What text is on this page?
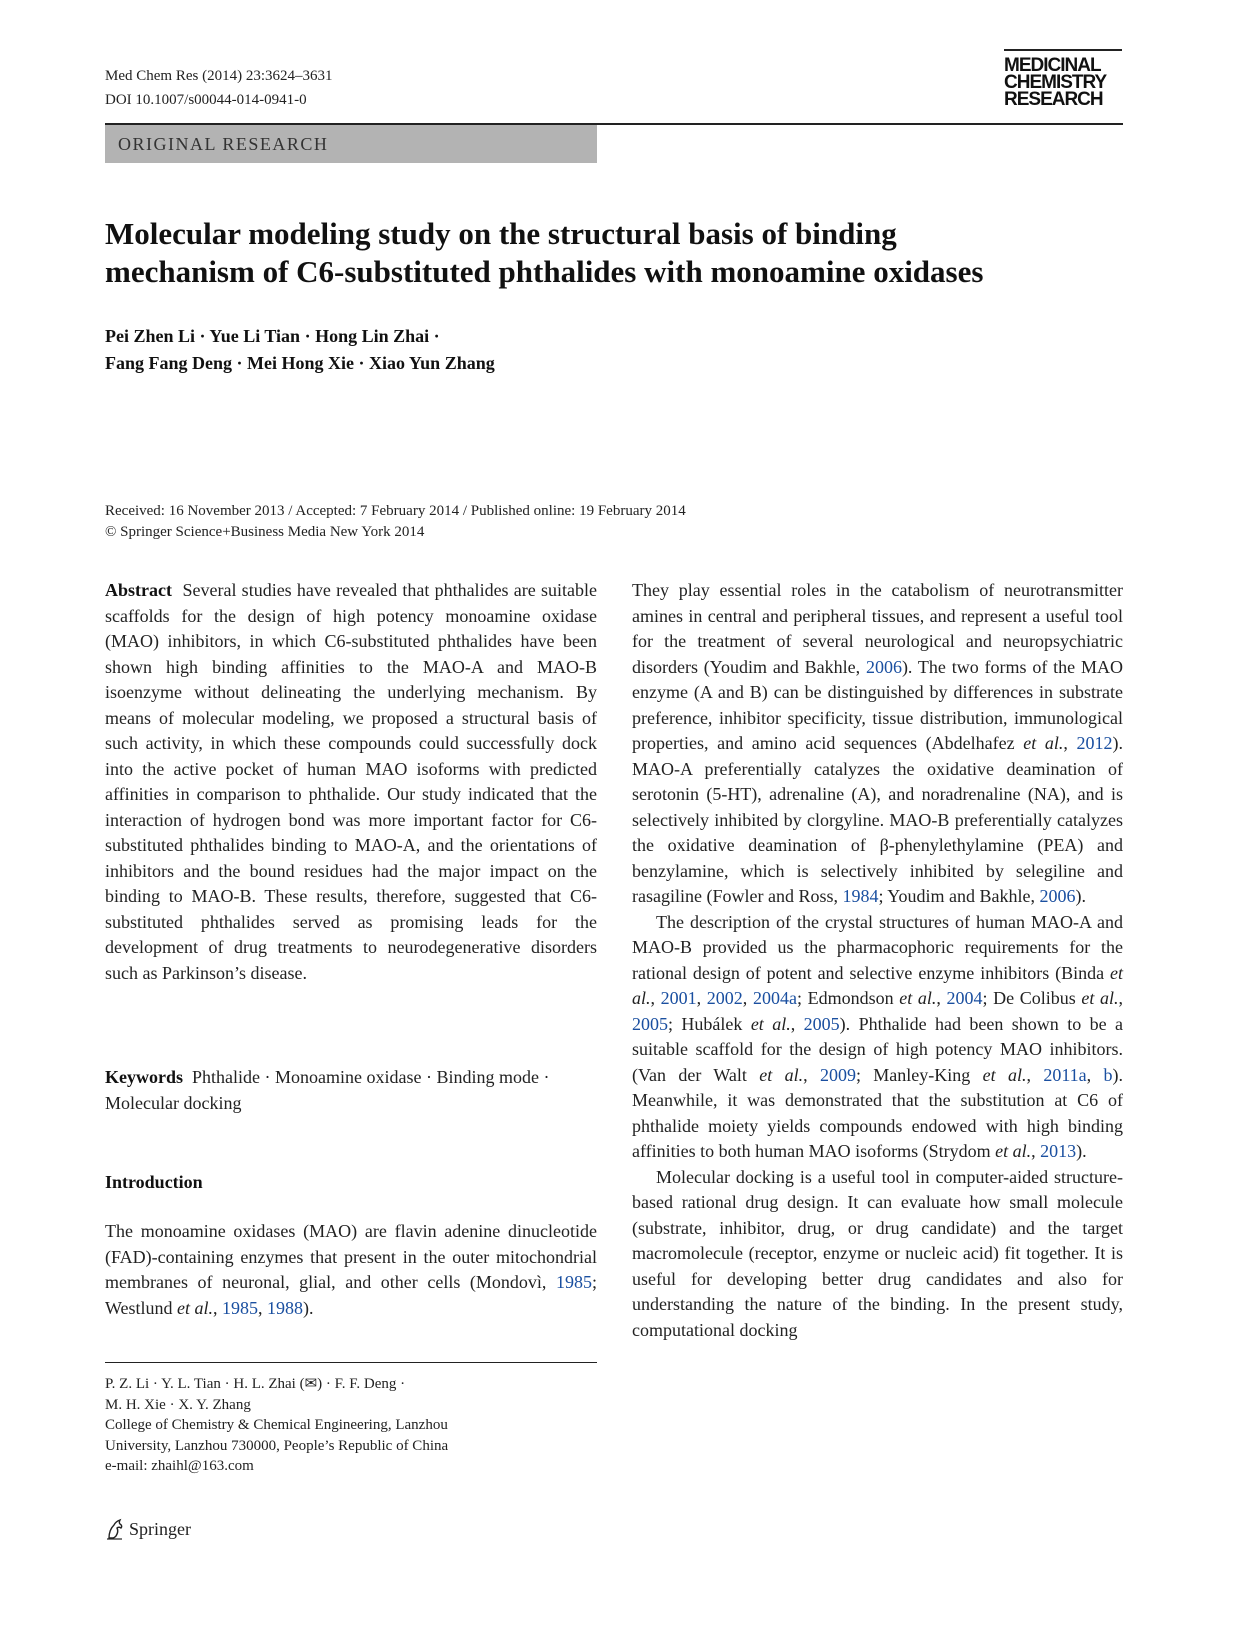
Med Chem Res (2014) 23:3624–3631
DOI 10.1007/s00044-014-0941-0
MEDICINAL
CHEMISTRY
RESEARCH
ORIGINAL RESEARCH
Molecular modeling study on the structural basis of binding
mechanism of C6-substituted phthalides with monoamine oxidases
Pei Zhen Li · Yue Li Tian · Hong Lin Zhai ·
Fang Fang Deng · Mei Hong Xie · Xiao Yun Zhang
Received: 16 November 2013 / Accepted: 7 February 2014 / Published online: 19 February 2014
© Springer Science+Business Media New York 2014

Abstract Several studies have revealed that phthalides are suitable scaffolds for the design of high potency monoamine oxidase (MAO) inhibitors, in which C6-substituted phthalides have been shown high binding affinities to the MAO-A and MAO-B isoenzyme without delineating the underlying mechanism. By means of molecular modeling, we proposed a structural basis of such activity, in which these compounds could successfully dock into the active pocket of human MAO isoforms with predicted affinities in comparison to phthalide. Our study indicated that the interaction of hydrogen bond was more important factor for C6-substituted phthalides binding to MAO-A, and the orientations of inhibitors and the bound residues had the major impact on the binding to MAO-B. These results, therefore, suggested that C6-substituted phthalides served as promising leads for the development of drug treatments to neurodegenerative disorders such as Parkinson’s disease.

Keywords Phthalide · Monoamine oxidase · Binding mode · Molecular docking

Introduction

The monoamine oxidases (MAO) are flavin adenine dinucleotide (FAD)-containing enzymes that present in the outer mitochondrial membranes of neuronal, glial, and other cells (Mondovì, 1985; Westlund et al., 1985, 1988).

P. Z. Li · Y. L. Tian · H. L. Zhai (✉) · F. F. Deng ·

M. H. Xie · X. Y. Zhang

College of Chemistry & Chemical Engineering, Lanzhou

University, Lanzhou 730000, People’s Republic of China

e-mail: zhaihl@163.com

They play essential roles in the catabolism of neurotransmitter amines in central and peripheral tissues, and represent a useful tool for the treatment of several neurological and neuropsychiatric disorders (Youdim and Bakhle, 2006). The two forms of the MAO enzyme (A and B) can be distinguished by differences in substrate preference, inhibitor specificity, tissue distribution, immunological properties, and amino acid sequences (Abdelhafez et al., 2012). MAO-A preferentially catalyzes the oxidative deamination of serotonin (5-HT), adrenaline (A), and noradrenaline (NA), and is selectively inhibited by clorgyline. MAO-B preferentially catalyzes the oxidative deamination of β-phenylethylamine (PEA) and benzylamine, which is selectively inhibited by selegiline and rasagiline (Fowler and Ross, 1984; Youdim and Bakhle, 2006).

The description of the crystal structures of human MAO-A and MAO-B provided us the pharmacophoric requirements for the rational design of potent and selective enzyme inhibitors (Binda et al., 2001, 2002, 2004a; Edmondson et al., 2004; De Colibus et al., 2005; Hubálek et al., 2005). Phthalide had been shown to be a suitable scaffold for the design of high potency MAO inhibitors. (Van der Walt et al., 2009; Manley-King et al., 2011a, b). Meanwhile, it was demonstrated that the substitution at C6 of phthalide moiety yields compounds endowed with high binding affinities to both human MAO isoforms (Strydom et al., 2013).

Molecular docking is a useful tool in computer-aided structure-based rational drug design. It can evaluate how small molecule (substrate, inhibitor, drug, or drug candidate) and the target macromolecule (receptor, enzyme or nucleic acid) fit together. It is useful for developing better drug candidates and also for understanding the nature of the binding. In the present study, computational docking

Springer
